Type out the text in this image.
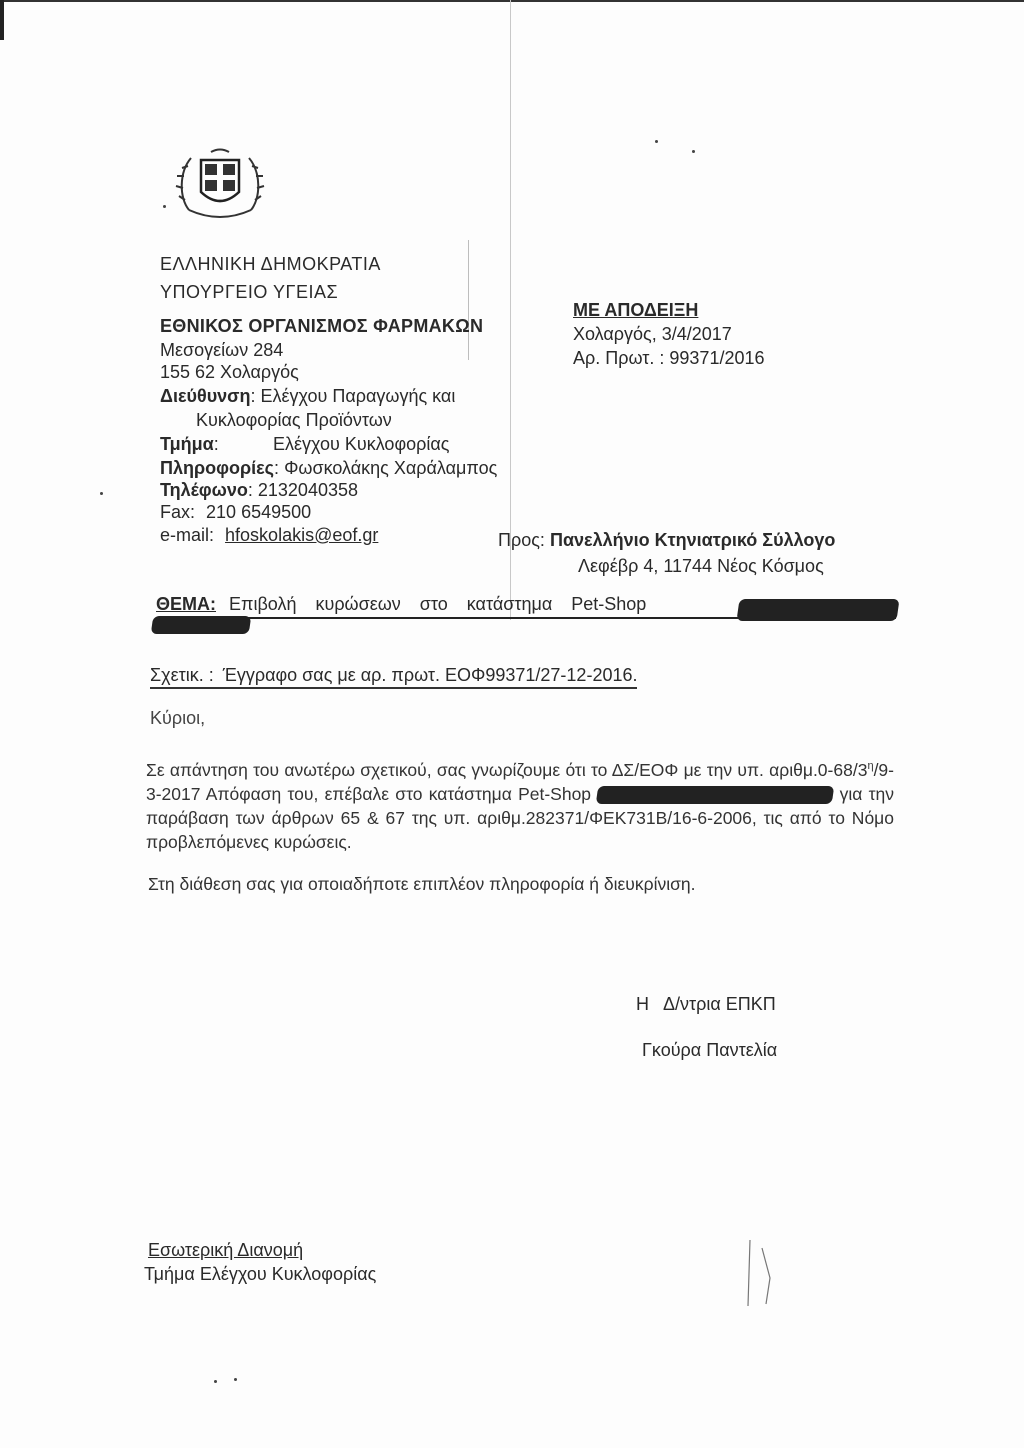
ΕΛΛΗΝΙΚΗ ΔΗΜΟΚΡΑΤΙΑ
ΥΠΟΥΡΓΕΙΟ ΥΓΕΙΑΣ
ΕΘΝΙΚΟΣ ΟΡΓΑΝΙΣΜΟΣ ΦΑΡΜΑΚΩΝ
Μεσογείων 284
155 62 Χολαργός
Διεύθυνση: Ελέγχου Παραγωγής και
Κυκλοφορίας Προϊόντων
Τμήμα:	Ελέγχου Κυκλοφορίας
Πληροφορίες: Φωσκολάκης Χαράλαμπος
Τηλέφωνο: 2132040358
Fax: 210 6549500
e-mail: hfoskolakis@eof.gr
ΜΕ ΑΠΟΔΕΙΞΗ
Χολαργός, 3/4/2017
Αρ. Πρωτ. : 99371/2016
Προς: Πανελλήνιο Κτηνιατρικό Σύλλογο
Λεφέβρ 4, 11744 Νέος Κόσμος
ΘΕΜΑ: Επιβολή κυρώσεων στο κατάστημα Pet-Shop
Σχετικ. : Έγγραφο σας με αρ. πρωτ. ΕΟΦ99371/27-12-2016.
Κύριοι,
Σε απάντηση του ανωτέρω σχετικού, σας γνωρίζουμε ότι το ΔΣ/ΕΟΦ με την υπ. $\alpha\rho\iota\theta\mu.0-68/3^\eta/9-3-2017$ Απόφαση του, επέβαλε στο κατάστημα Pet-Shop	για την παράβαση των άρθρων 65 & 67 της υπ. αριθμ.282371/ΦΕΚ731Β/16-6-2006, τις από το Νόμο προβλεπόμενες κυρώσεις.
Στη διάθεση σας για οποιαδήποτε επιπλέον πληροφορία ή διευκρίνιση.
Η   Δ/ντρια ΕΠΚΠ
Γκούρα Παντελία
Εσωτερική Διανομή
Τμήμα Ελέγχου Κυκλοφορίας
